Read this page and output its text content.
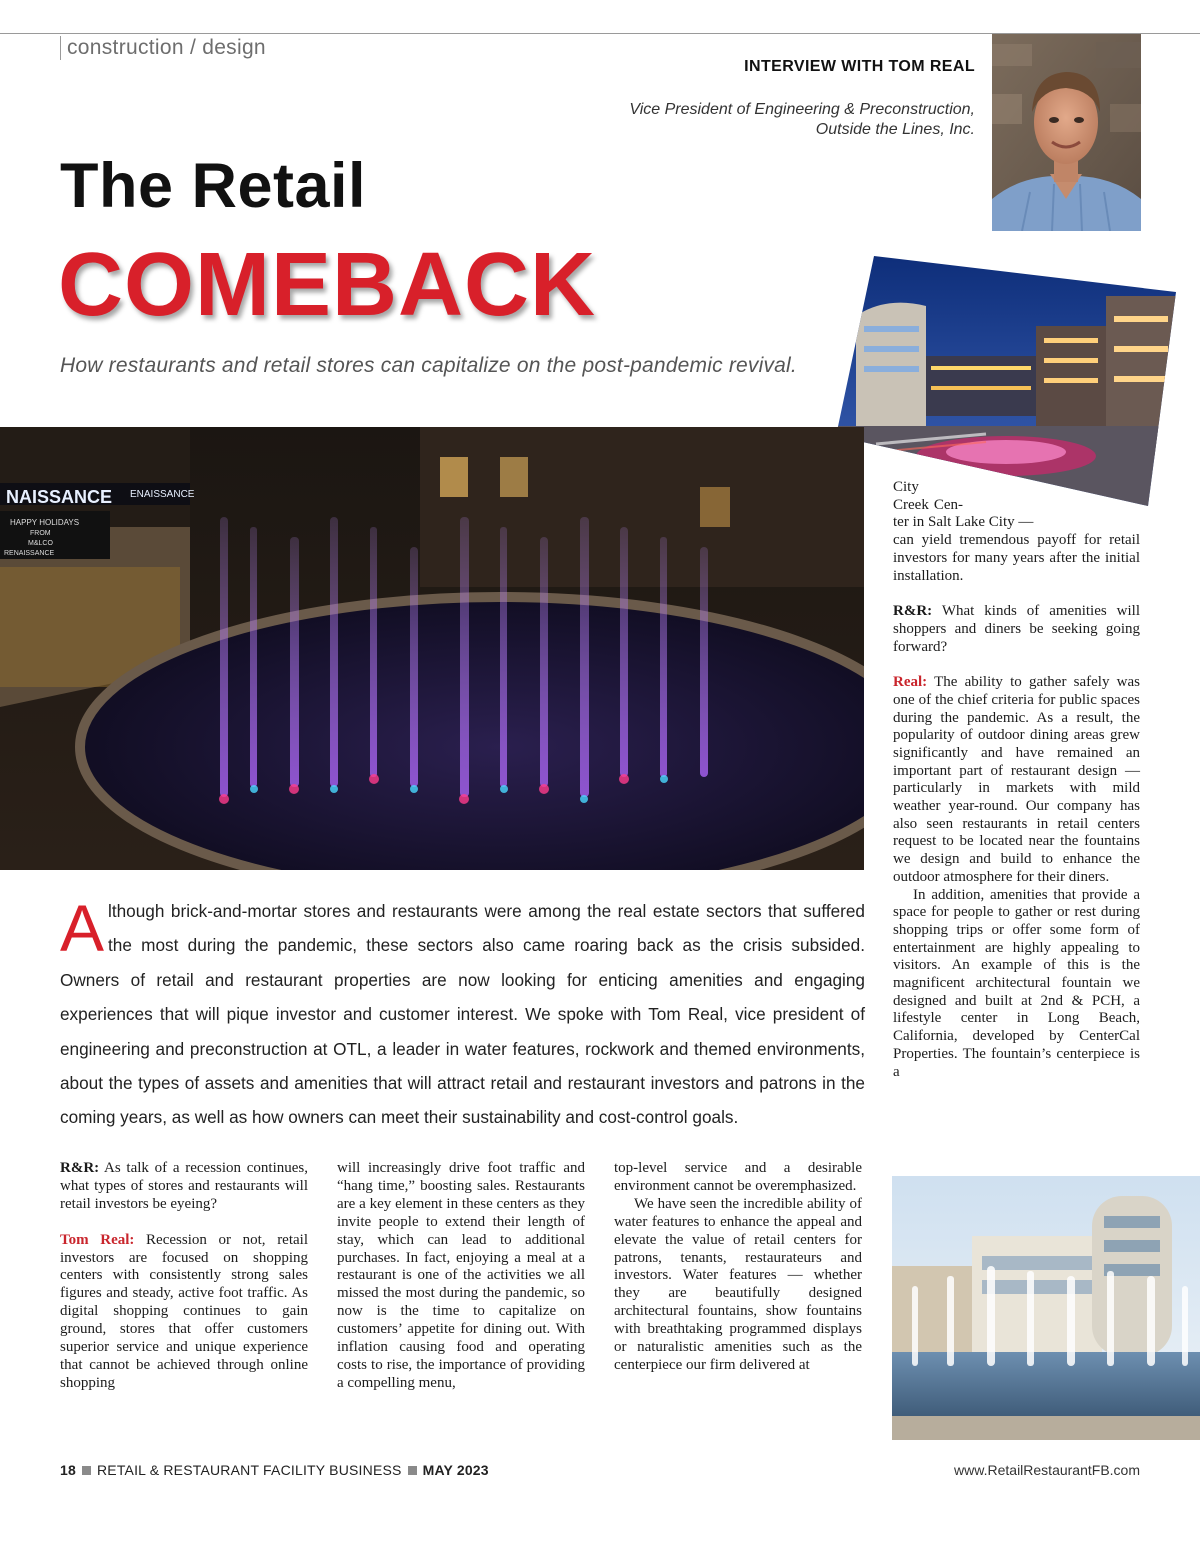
construction / design
INTERVIEW WITH TOM REAL
Vice President of Engineering & Preconstruction,
Outside the Lines, Inc.
The Retail
COMEBACK
How restaurants and retail stores can capitalize on the post-pandemic revival.
NAISSANCE ENAISSANCE
HAPPY HOLIDAYS
FROM
M&LCO
RENAISSANCE
Although brick-and-mortar stores and restaurants were among the real estate sectors that suffered the most during the pandemic, these sectors also came roaring back as the crisis subsided. Owners of retail and restaurant properties are now looking for enticing amenities and engaging experiences that will pique investor and customer interest. We spoke with Tom Real, vice president of engineering and preconstruction at OTL, a leader in water features, rockwork and themed environments, about the types of assets and amenities that will attract retail and restaurant investors and patrons in the coming years, as well as how owners can meet their sustainability and cost-control goals.

R&R: As talk of a recession continues, what types of stores and restaurants will retail investors be eyeing?

Tom Real: Recession or not, retail investors are focused on shopping centers with consistently strong sales figures and steady, active foot traffic. As digital shopping continues to gain ground, stores that offer customers superior service and unique experience that cannot be achieved through online shopping

will increasingly drive foot traffic and “hang time,” boosting sales. Restaurants are a key element in these centers as they invite people to extend their length of stay, which can lead to additional purchases. In fact, enjoying a meal at a restaurant is one of the activities we all missed the most during the pandemic, so now is the time to capitalize on customers’ appetite for dining out. With inflation causing food and operating costs to rise, the importance of providing a compelling menu,

top-level service and a desirable environment cannot be overemphasized.

We have seen the incredible ability of water features to enhance the appeal and elevate the value of retail centers for patrons, tenants, restaurateurs and investors. Water features — whether they are beautifully designed architectural fountains, show fountains with breathtaking programmed displays or naturalistic amenities such as the centerpiece our firm delivered at

City

Creek Cen-

ter in Salt Lake City —

can yield tremendous payoff for retail investors for many years after the initial installation.

R&R: What kinds of amenities will shoppers and diners be seeking going forward?

Real: The ability to gather safely was one of the chief criteria for public spaces during the pandemic. As a result, the popularity of outdoor dining areas grew significantly and have remained an important part of restaurant design — particularly in markets with mild weather year-round. Our company has also seen restaurants in retail centers request to be located near the fountains we design and build to enhance the outdoor atmosphere for their diners.

In addition, amenities that provide a space for people to gather or rest during shopping trips or offer some form of entertainment are highly appealing to visitors. An example of this is the magnificent architectural fountain we designed and built at 2nd & PCH, a lifestyle center in Long Beach, California, developed by CenterCal Properties. The fountain’s centerpiece is a

18 RETAIL & RESTAURANT FACILITY BUSINESS MAY 2023	www.RetailRestaurantFB.com
